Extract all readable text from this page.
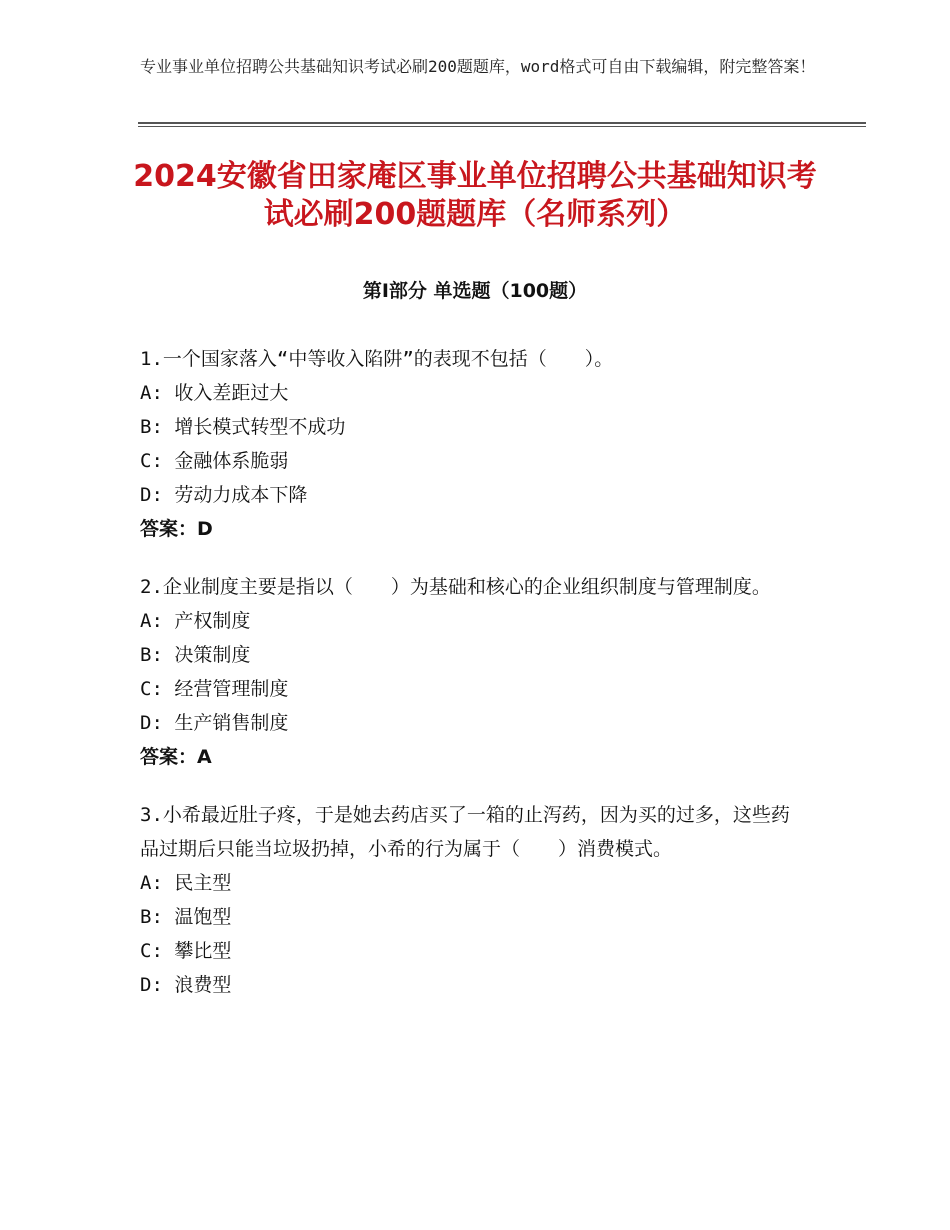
专业事业单位招聘公共基础知识考试必刷200题题库，word格式可自由下载编辑，附完整答案！
2024安徽省田家庵区事业单位招聘公共基础知识考试必刷200题题库（名师系列）
第Ⅰ部分 单选题（100题）
1.一个国家落入“中等收入陷阱”的表现不包括（　　）。
A: 收入差距过大
B: 增长模式转型不成功
C: 金融体系脆弱
D: 劳动力成本下降
答案：D
2.企业制度主要是指以（　　）为基础和核心的企业组织制度与管理制度。
A: 产权制度
B: 决策制度
C: 经营管理制度
D: 生产销售制度
答案：A
3.小希最近肚子疼，于是她去药店买了一箱的止泻药，因为买的过多，这些药品过期后只能当垃圾扔掉，小希的行为属于（　　）消费模式。
A: 民主型
B: 温饱型
C: 攀比型
D: 浪费型
